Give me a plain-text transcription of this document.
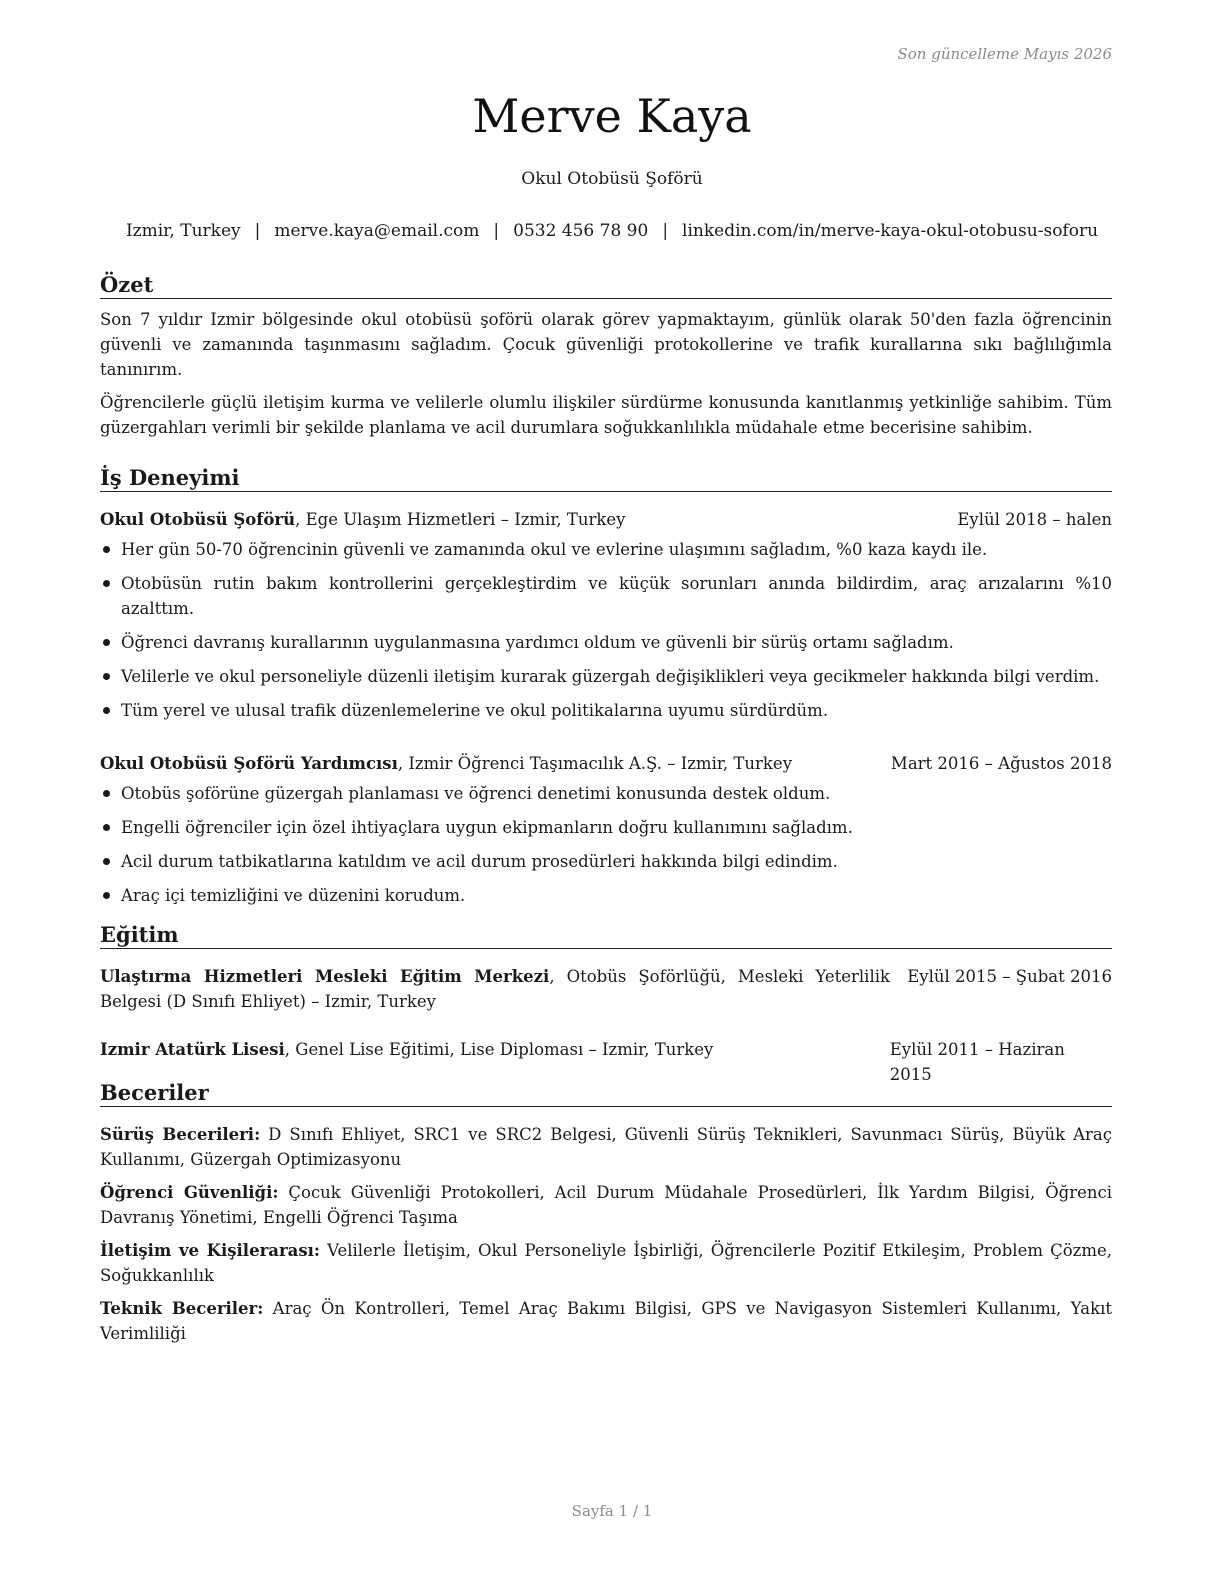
Son güncelleme Mayıs 2026
Merve Kaya
Okul Otobüsü Şoförü
Izmir, Turkey | merve.kaya@email.com | 0532 456 78 90 | linkedin.com/in/merve-kaya-okul-otobusu-soforu
Özet

Son 7 yıldır Izmir bölgesinde okul otobüsü şoförü olarak görev yapmaktayım, günlük olarak 50'den fazla öğrencinin güvenli ve zamanında taşınmasını sağladım. Çocuk güvenliği protokollerine ve trafik kurallarına sıkı bağlılığımla tanınırım.

Öğrencilerle güçlü iletişim kurma ve velilerle olumlu ilişkiler sürdürme konusunda kanıtlanmış yetkinliğe sahibim. Tüm güzergahları verimli bir şekilde planlama ve acil durumlara soğukkanlılıkla müdahale etme becerisine sahibim.

İş Deneyimi
Okul Otobüsü Şoförü, Ege Ulaşım Hizmetleri – Izmir, Turkey	Eylül 2018 – halen
Her gün 50-70 öğrencinin güvenli ve zamanında okul ve evlerine ulaşımını sağladım, %0 kaza kaydı ile.
Otobüsün rutin bakım kontrollerini gerçekleştirdim ve küçük sorunları anında bildirdim, araç arızalarını %10 azalttım.
Öğrenci davranış kurallarının uygulanmasına yardımcı oldum ve güvenli bir sürüş ortamı sağladım.
Velilerle ve okul personeliyle düzenli iletişim kurarak güzergah değişiklikleri veya gecikmeler hakkında bilgi verdim.
Tüm yerel ve ulusal trafik düzenlemelerine ve okul politikalarına uyumu sürdürdüm.
Okul Otobüsü Şoförü Yardımcısı, Izmir Öğrenci Taşımacılık A.Ş. – Izmir, Turkey	Mart 2016 – Ağustos 2018
Otobüs şoförüne güzergah planlaması ve öğrenci denetimi konusunda destek oldum.
Engelli öğrenciler için özel ihtiyaçlara uygun ekipmanların doğru kullanımını sağladım.
Acil durum tatbikatlarına katıldım ve acil durum prosedürleri hakkında bilgi edindim.
Araç içi temizliğini ve düzenini korudum.
Eğitim
Ulaştırma Hizmetleri Mesleki Eğitim Merkezi, Otobüs Şoförlüğü, Mesleki Yeterlilik Belgesi (D Sınıfı Ehliyet) – Izmir, Turkey
Eylül 2015 – Şubat 2016
Izmir Atatürk Lisesi, Genel Lise Eğitimi, Lise Diploması – Izmir, Turkey	Eylül 2011 – Haziran 2015
Beceriler
Sürüş Becerileri: D Sınıfı Ehliyet, SRC1 ve SRC2 Belgesi, Güvenli Sürüş Teknikleri, Savunmacı Sürüş, Büyük Araç Kullanımı, Güzergah Optimizasyonu
Öğrenci Güvenliği: Çocuk Güvenliği Protokolleri, Acil Durum Müdahale Prosedürleri, İlk Yardım Bilgisi, Öğrenci Davranış Yönetimi, Engelli Öğrenci Taşıma
İletişim ve Kişilerarası: Velilerle İletişim, Okul Personeliyle İşbirliği, Öğrencilerle Pozitif Etkileşim, Problem Çözme, Soğukkanlılık
Teknik Beceriler: Araç Ön Kontrolleri, Temel Araç Bakımı Bilgisi, GPS ve Navigasyon Sistemleri Kullanımı, Yakıt Verimliliği
Sayfa 1 / 1
